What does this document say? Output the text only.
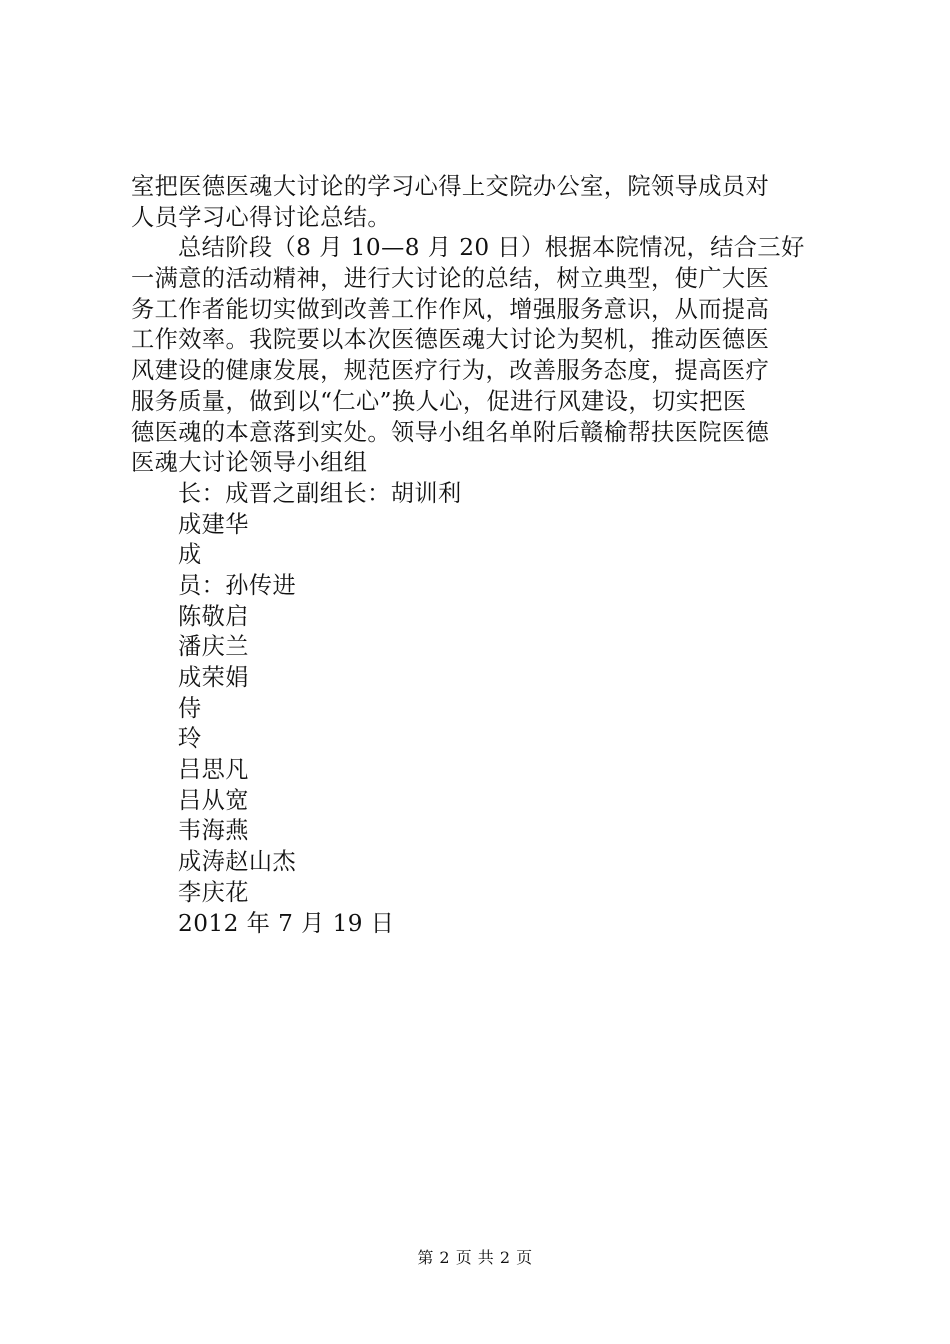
室把医德医魂大讨论的学习心得上交院办公室，院领导成员对
人员学习心得讨论总结。
总结阶段（8 月 10—8 月 20 日）根据本院情况，结合三好
一满意的活动精神，进行大讨论的总结，树立典型，使广大医
务工作者能切实做到改善工作作风，增强服务意识，从而提高
工作效率。我院要以本次医德医魂大讨论为契机，推动医德医
风建设的健康发展，规范医疗行为，改善服务态度，提高医疗
服务质量，做到以“仁心”换人心，促进行风建设，切实把医
德医魂的本意落到实处。领导小组名单附后赣榆帮扶医院医德
医魂大讨论领导小组组
长：成晋之副组长：胡训利
成建华
成
员：孙传进
陈敬启
潘庆兰
成荣娟
侍
玲
吕思凡
吕从宽
韦海燕
成涛赵山杰
李庆花
2012 年 7 月 19 日
第 2 页 共 2 页
